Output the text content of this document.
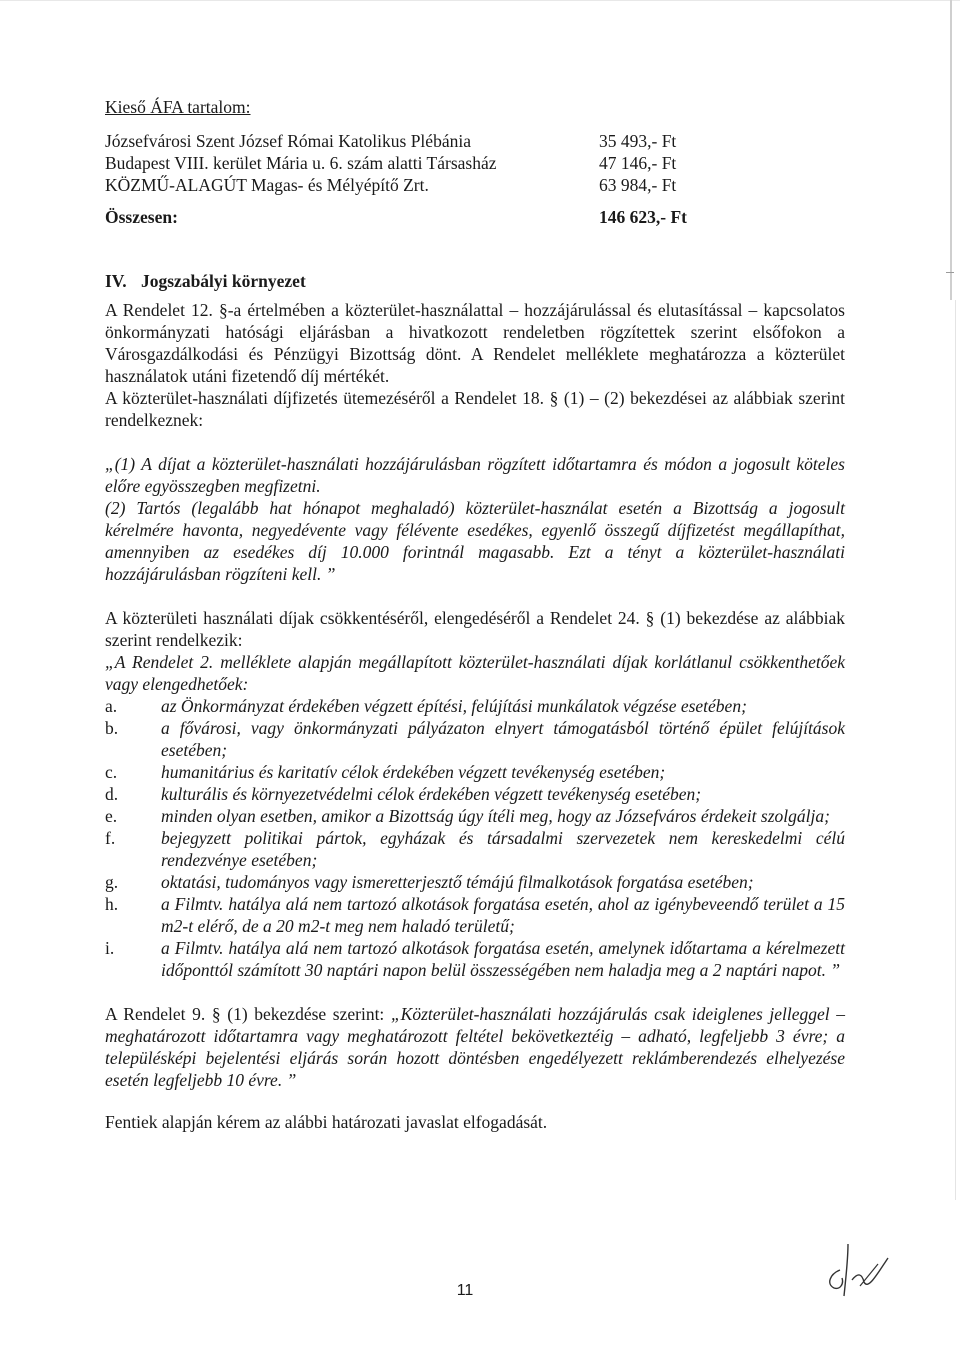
Kieső ÁFA tartalom:
Józsefvárosi Szent József Római Katolikus Plébánia	35 493,- Ft
Budapest VIII. kerület Mária u. 6. szám alatti Társasház	47 146,- Ft
KÖZMŰ-ALAGÚT Magas- és Mélyépítő Zrt.	63 984,- Ft
Összesen:	146 623,- Ft
IV. Jogszabályi környezet

A Rendelet 12. §-a értelmében a közterület-használattal – hozzájárulással és elutasítással – kapcsolatos önkormányzati hatósági eljárásban a hivatkozott rendeletben rögzítettek szerint elsőfokon a Városgazdálkodási és Pénzügyi Bizottság dönt. A Rendelet melléklete meghatározza a közterület használatok utáni fizetendő díj mértékét.

A közterület-használati díjfizetés ütemezéséről a Rendelet 18. § (1) – (2) bekezdései az alábbiak szerint rendelkeznek:

„(1) A díjat a közterület-használati hozzájárulásban rögzített időtartamra és módon a jogosult köteles előre egyösszegben megfizetni.

(2) Tartós (legalább hat hónapot meghaladó) közterület-használat esetén a Bizottság a jogosult kérelmére havonta, negyedévente vagy félévente esedékes, egyenlő összegű díjfizetést megállapíthat, amennyiben az esedékes díj 10.000 forintnál magasabb. Ezt a tényt a közterület-használati hozzájárulásban rögzíteni kell. ”

A közterületi használati díjak csökkentéséről, elengedéséről a Rendelet 24. § (1) bekezdése az alábbiak szerint rendelkezik:

„A Rendelet 2. melléklete alapján megállapított közterület-használati díjak korlátlanul csökkenthetőek vagy elengedhetőek:

a.	az Önkormányzat érdekében végzett építési, felújítási munkálatok végzése esetében;
b.	a fővárosi, vagy önkormányzati pályázaton elnyert támogatásból történő épület felújítások esetében;
c.	humanitárius és karitatív célok érdekében végzett tevékenység esetében;
d.	kulturális és környezetvédelmi célok érdekében végzett tevékenység esetében;
e.	minden olyan esetben, amikor a Bizottság úgy ítéli meg, hogy az Józsefváros érdekeit szolgálja;
f.	bejegyzett politikai pártok, egyházak és társadalmi szervezetek nem kereskedelmi célú rendezvénye esetében;
g.	oktatási, tudományos vagy ismeretterjesztő témájú filmalkotások forgatása esetében;
h.	a Filmtv. hatálya alá nem tartozó alkotások forgatása esetén, ahol az igénybeveendő terület a 15 m2-t elérő, de a 20 m2-t meg nem haladó területű;
i.	a Filmtv. hatálya alá nem tartozó alkotások forgatása esetén, amelynek időtartama a kérelmezett időponttól számított 30 naptári napon belül összességében nem haladja meg a 2 naptári napot. ”

A Rendelet 9. § (1) bekezdése szerint: „Közterület-használati hozzájárulás csak ideiglenes jelleggel – meghatározott időtartamra vagy meghatározott feltétel bekövetkeztéig – adható, legfeljebb 3 évre; a településképi bejelentési eljárás során hozott döntésben engedélyezett reklámberendezés elhelyezése esetén legfeljebb 10 évre. ”

Fentiek alapján kérem az alábbi határozati javaslat elfogadását.

11
